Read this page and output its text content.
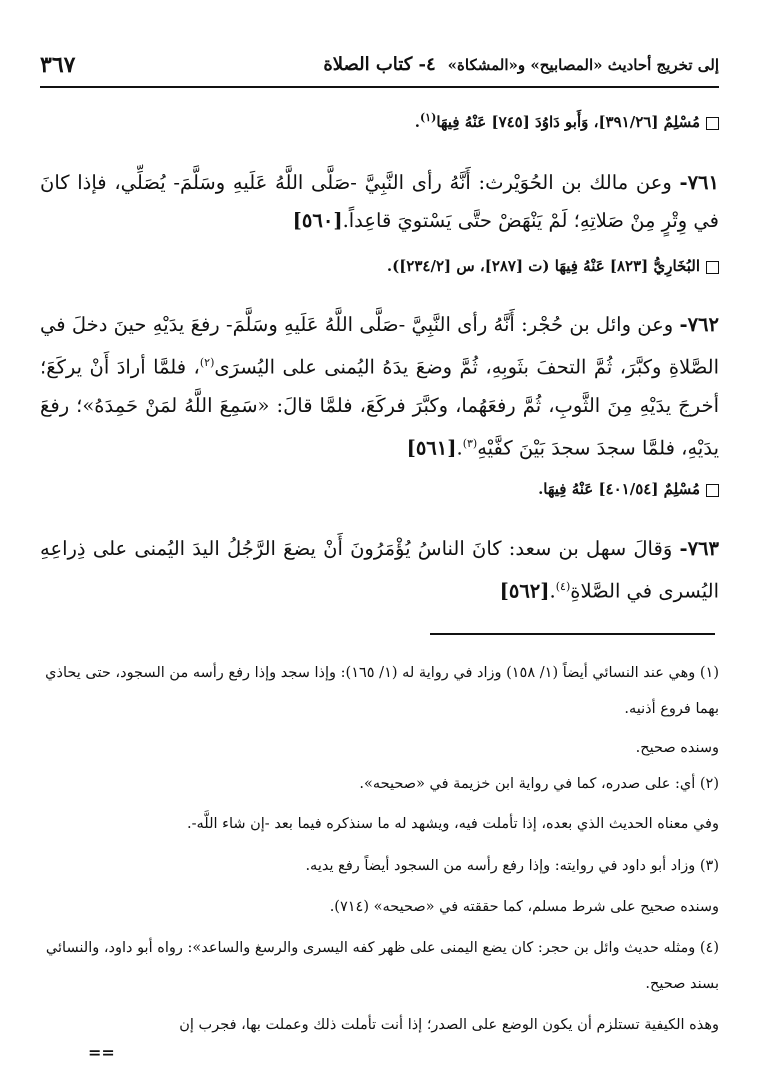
٣٦٧	٤- كتاب الصلاة إلى تخريج أحاديث «المصابيح» و«المشكاة»
مُسْلِمٌ [٣٩١/٢٦]، وَأَبو دَاوُدَ [٧٤٥] عَنْهُ فِيهَا$^{(١)}$.
٧٦١- وعن مالك بن الحُوَيْرث: أَنَّهُ رأى النَّبِيَّ -صَلَّى اللَّهُ عَلَيهِ وسَلَّمَ- يُصَلِّي، فإذا كانَ في وِتْرٍ مِنْ صَلاتِهِ؛ لَمْ يَنْهَضْ حتَّى يَسْتويَ قاعِداً.[٥٦٠]
البُخَارِيُّ [٨٢٣] عَنْهُ فِيهَا (ت [٢٨٧]، س [٢٣٤/٢]).
٧٦٢- وعن وائل بن حُجْر: أَنَّهُ رأى النَّبِيَّ -صَلَّى اللَّهُ عَلَيهِ وسَلَّمَ- رفعَ يدَيْهِ حينَ دخلَ في الصَّلاةِ وكبَّرَ، ثُمَّ التحفَ بثَوبِهِ، ثُمَّ وضعَ يدَهُ اليُمنى على اليُسرَى$^{(٢)}$، فلمَّا أرادَ أَنْ يركَعَ؛ أخرجَ يدَيْهِ مِنَ الثَّوبِ، ثُمَّ رفعَهُما، وكبَّرَ فركَعَ، فلمَّا قالَ: «سَمِعَ اللَّهُ لمَنْ حَمِدَهُ»؛ رفعَ يدَيْهِ، فلمَّا سجدَ سجدَ بَيْنَ كفَّيْهِ$^{(٣)}$.[٥٦١]
مُسْلِمٌ [٤٠١/٥٤] عَنْهُ فِيهَا.
٧٦٣- وَقالَ سهل بن سعد: كانَ الناسُ يُؤْمَرُونَ أَنْ يضعَ الرَّجُلُ اليدَ اليُمنى على ذِراعِهِ اليُسرى في الصَّلاةِ$^{(٤)}$.[٥٦٢]
(١) وهي عند النسائي أيضاً (١/ ١٥٨) وزاد في رواية له (١/ ١٦٥): وإذا سجد وإذا رفع رأسه من السجود، حتى يحاذي بهما فروع أذنيه.
وسنده صحيح.
(٢) أي: على صدره، كما في رواية ابن خزيمة في «صحيحه».
وفي معناه الحديث الذي بعده، إذا تأملت فيه، ويشهد له ما سنذكره فيما بعد -إن شاء اللَّه-.
(٣) وزاد أبو داود في روايته: وإذا رفع رأسه من السجود أيضاً رفع يديه.
وسنده صحيح على شرط مسلم، كما حققته في «صحيحه» (٧١٤).
(٤) ومثله حديث وائل بن حجر: كان يضع اليمنى على ظهر كفه اليسرى والرسغ والساعد»: رواه أبو داود، والنسائي بسند صحيح.
وهذه الكيفية تستلزم أن يكون الوضع على الصدر؛ إذا أنت تأملت ذلك وعملت بها، فجرب إن
==
